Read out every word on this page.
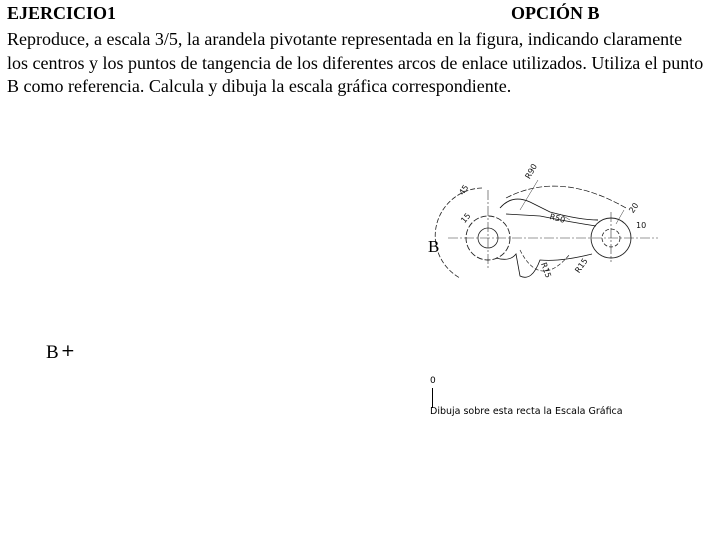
EJERCICIO1	OPCIÓN B

Reproduce, a escala 3/5, la arandela pivotante representada en la figura, indicando claramente los centros y los puntos de tangencia de los diferentes arcos de enlace utilizados. Utiliza el punto B como referencia. Calcula y dibuja la escala gráfica correspondiente.

R90
45
15	R50
20
10
R15	R15
B
B +
0
Dibuja sobre esta recta la Escala Gráfica
